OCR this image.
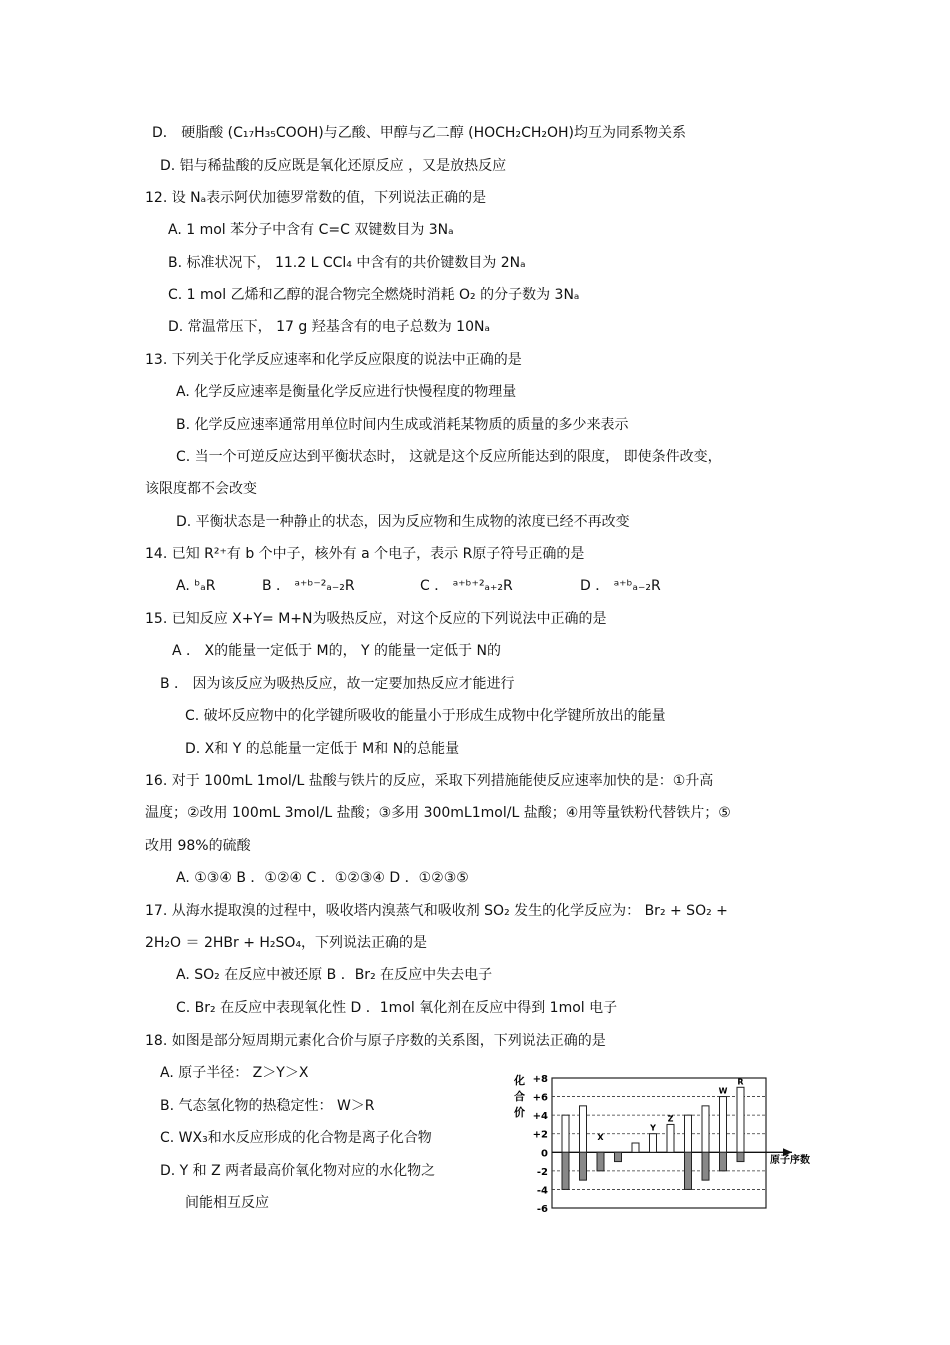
D． 硬脂酸 (C₁₇H₃₅COOH)与乙酸、甲醇与乙二醇 (HOCH₂CH₂OH)均互为同系物关系
D. 铝与稀盐酸的反应既是氧化还原反应 ，又是放热反应
12. 设 Nₐ表示阿伏加德罗常数的值，下列说法正确的是
A. 1 mol 苯分子中含有 C=C 双键数目为 3Nₐ
B. 标准状况下， 11.2 L CCl₄ 中含有的共价键数目为 2Nₐ
C. 1 mol 乙烯和乙醇的混合物完全燃烧时消耗 O₂ 的分子数为 3Nₐ
D. 常温常压下， 17 g 羟基含有的电子总数为 10Nₐ
13. 下列关于化学反应速率和化学反应限度的说法中正确的是
A. 化学反应速率是衡量化学反应进行快慢程度的物理量
B. 化学反应速率通常用单位时间内生成或消耗某物质的质量的多少来表示
C. 当一个可逆反应达到平衡状态时， 这就是这个反应所能达到的限度， 即使条件改变，
该限度都不会改变
D. 平衡状态是一种静止的状态，因为反应物和生成物的浓度已经不再改变
14. 已知 R²⁺有 b 个中子，核外有 a 个电子，表示 R原子符号正确的是
15. 已知反应 X+Y= M+N为吸热反应，对这个反应的下列说法中正确的是
A ． X的能量一定低于 M的， Y 的能量一定低于 N的
B ． 因为该反应为吸热反应，故一定要加热反应才能进行
C. 破坏反应物中的化学键所吸收的能量小于形成生成物中化学键所放出的能量
D. X和 Y 的总能量一定低于 M和 N的总能量
16. 对于 100mL 1mol/L 盐酸与铁片的反应，采取下列措施能使反应速率加快的是：①升高
温度；②改用 100mL 3mol/L 盐酸；③多用 300mL1mol/L 盐酸；④用等量铁粉代替铁片；⑤
改用 98%的硫酸
A. ①③④ B ．①②④ C ．①②③④ D ．①②③⑤
17. 从海水提取溴的过程中，吸收塔内溴蒸气和吸收剂 SO₂ 发生的化学反应为： Br₂ + SO₂ +
2H₂O ＝ 2HBr + H₂SO₄，下列说法正确的是
A. SO₂ 在反应中被还原 B ．Br₂ 在反应中失去电子
C. Br₂ 在反应中表现氧化性 D ．1mol 氧化剂在反应中得到 1mol 电子
18. 如图是部分短周期元素化合价与原子序数的关系图，下列说法正确的是
A. 原子半径： Z＞Y＞X
B. 气态氢化物的热稳定性： W＞R
C. WX₃和水反应形成的化合物是离子化合物
D. Y 和 Z 两者最高价氧化物对应的水化物之
间能相互反应
A. ᵇₐR	B ． ᵃ⁺ᵇ⁻²ₐ₋₂R	C ． ᵃ⁺ᵇ⁺²ₐ₊₂R	D ． ᵃ⁺ᵇₐ₋₂R
化
合
价
+8
+6
+4
+2
0
-2
-4
-6
X
Y
Z
W
R
原子序数
